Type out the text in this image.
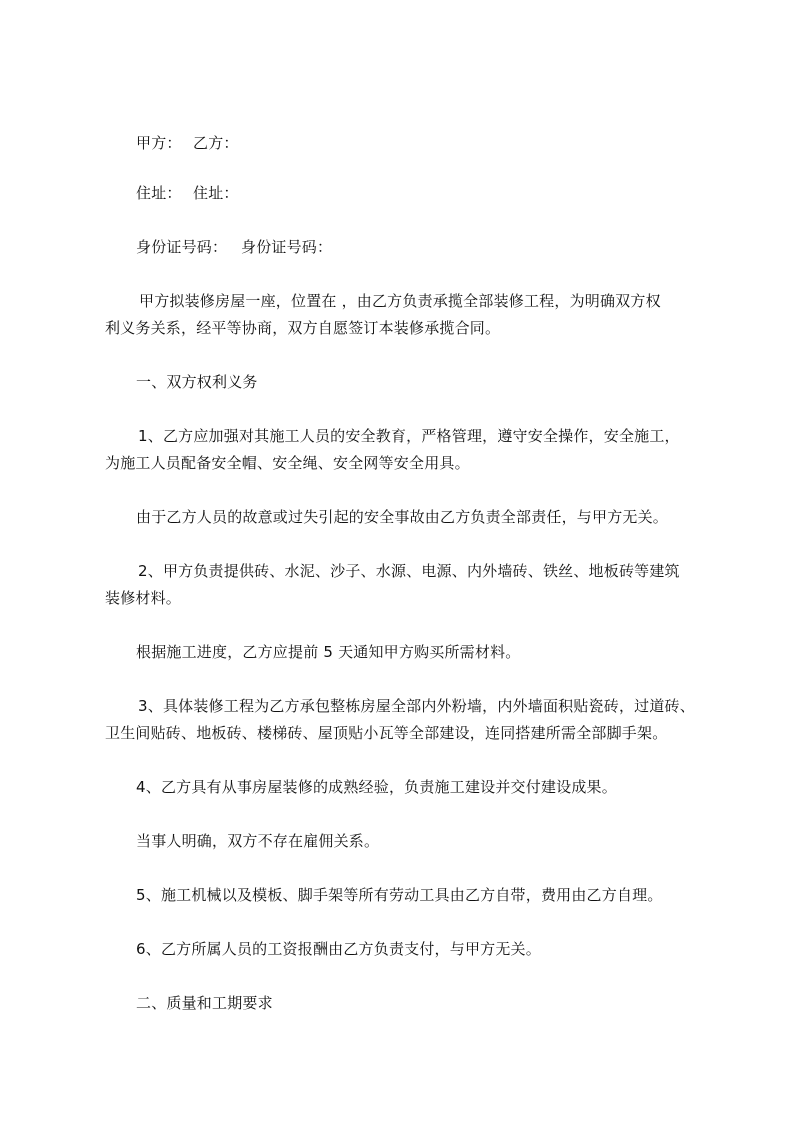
甲方： 乙方：
住址： 住址：
身份证号码： 身份证号码：
甲方拟装修房屋一座，位置在 ，由乙方负责承揽全部装修工程，为明确双方权
利义务关系，经平等协商，双方自愿签订本装修承揽合同。
一、双方权利义务
1、乙方应加强对其施工人员的安全教育，严格管理，遵守安全操作，安全施工，
为施工人员配备安全帽、安全绳、安全网等安全用具。
由于乙方人员的故意或过失引起的安全事故由乙方负责全部责任，与甲方无关。
2、甲方负责提供砖、水泥、沙子、水源、电源、内外墙砖、铁丝、地板砖等建筑
装修材料。
根据施工进度，乙方应提前 5 天通知甲方购买所需材料。
3、具体装修工程为乙方承包整栋房屋全部内外粉墙，内外墙面积贴瓷砖，过道砖、
卫生间贴砖、地板砖、楼梯砖、屋顶贴小瓦等全部建设，连同搭建所需全部脚手架。
4、乙方具有从事房屋装修的成熟经验，负责施工建设并交付建设成果。
当事人明确，双方不存在雇佣关系。
5、施工机械以及模板、脚手架等所有劳动工具由乙方自带，费用由乙方自理。
6、乙方所属人员的工资报酬由乙方负责支付，与甲方无关。
二、质量和工期要求
